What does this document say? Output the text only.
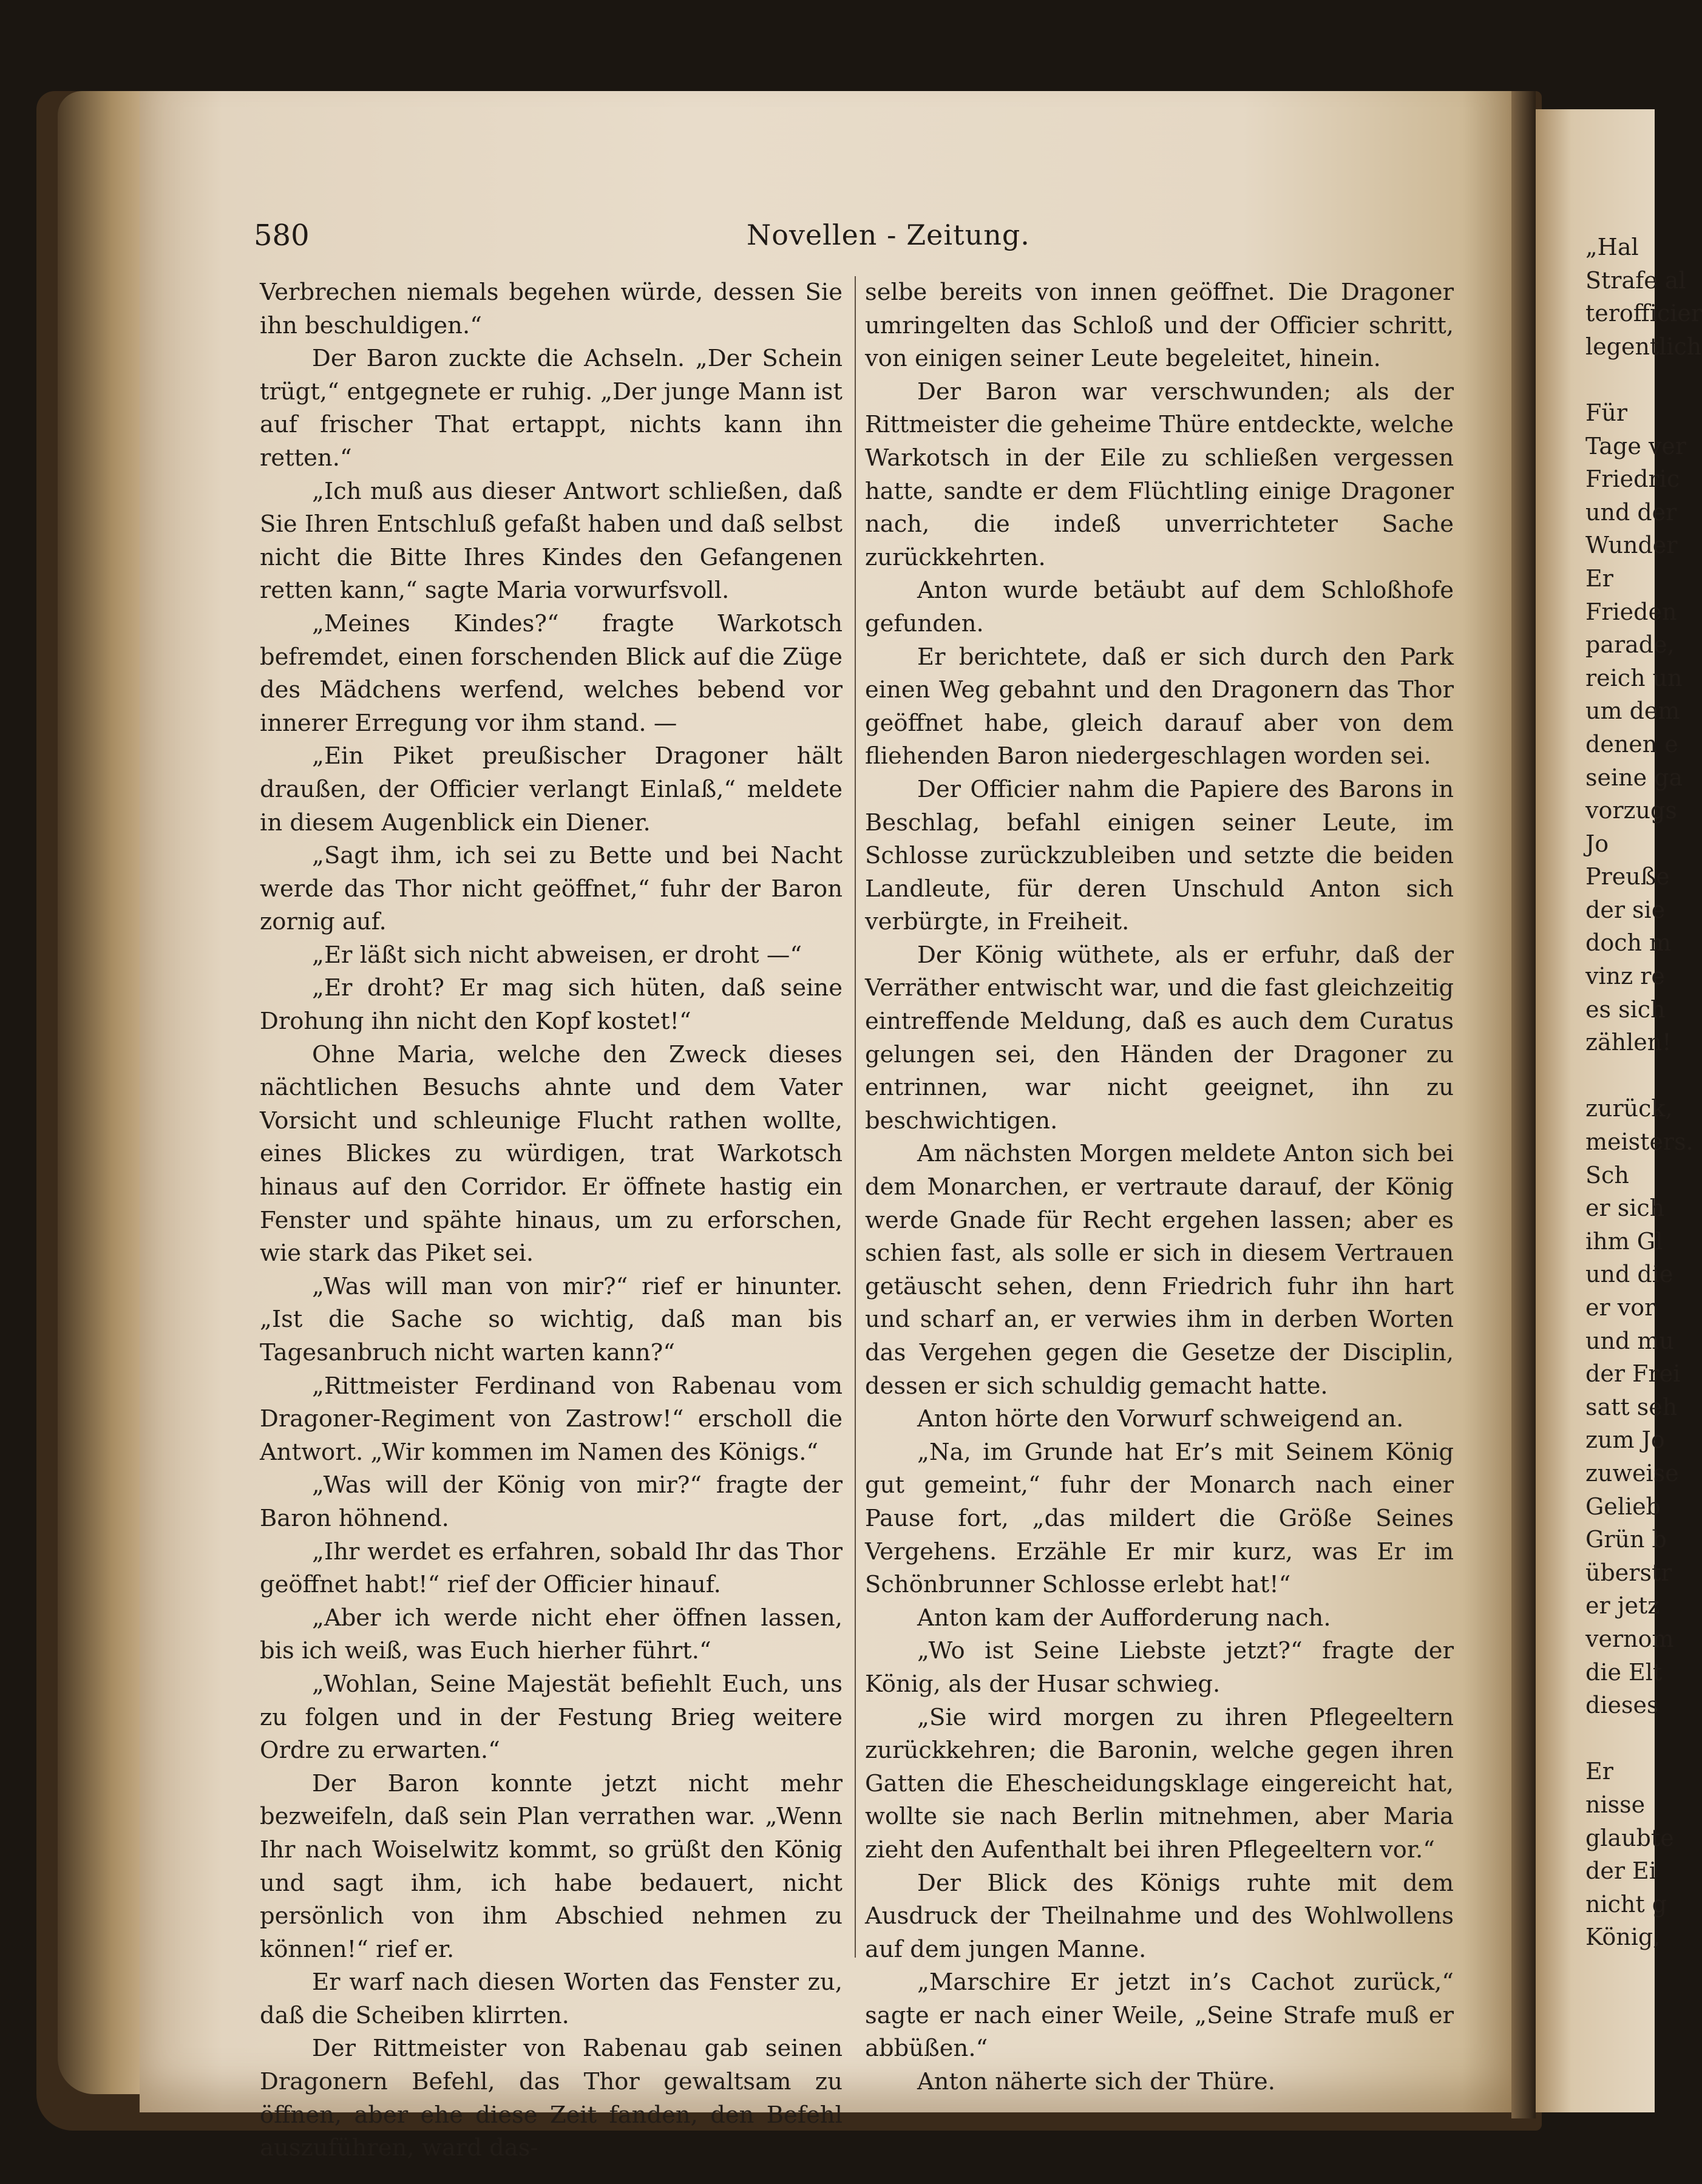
580	Novellen - Zeitung.

Verbrechen niemals begehen würde, dessen Sie ihn beschuldigen.“

Der Baron zuckte die Achseln. „Der Schein trügt,“ entgegnete er ruhig. „Der junge Mann ist auf frischer That ertappt, nichts kann ihn retten.“

„Ich muß aus dieser Antwort schließen, daß Sie Ihren Entschluß gefaßt haben und daß selbst nicht die Bitte Ihres Kindes den Gefangenen retten kann,“ sagte Maria vorwurfsvoll.

„Meines Kindes?“ fragte Warkotsch befremdet, einen forschenden Blick auf die Züge des Mädchens werfend, welches bebend vor innerer Erregung vor ihm stand. —

„Ein Piket preußischer Dragoner hält draußen, der Officier verlangt Einlaß,“ meldete in diesem Augenblick ein Diener.

„Sagt ihm, ich sei zu Bette und bei Nacht werde das Thor nicht geöffnet,“ fuhr der Baron zornig auf.

„Er läßt sich nicht abweisen, er droht —“

„Er droht? Er mag sich hüten, daß seine Drohung ihn nicht den Kopf kostet!“

Ohne Maria, welche den Zweck dieses nächtlichen Besuchs ahnte und dem Vater Vorsicht und schleunige Flucht rathen wollte, eines Blickes zu würdigen, trat Warkotsch hinaus auf den Corridor. Er öffnete hastig ein Fenster und spähte hinaus, um zu erforschen, wie stark das Piket sei.

„Was will man von mir?“ rief er hinunter. „Ist die Sache so wichtig, daß man bis Tagesanbruch nicht warten kann?“

„Rittmeister Ferdinand von Rabenau vom Dragoner-Regiment von Zastrow!“ erscholl die Antwort. „Wir kommen im Namen des Königs.“

„Was will der König von mir?“ fragte der Baron höhnend.

„Ihr werdet es erfahren, sobald Ihr das Thor geöffnet habt!“ rief der Officier hinauf.

„Aber ich werde nicht eher öffnen lassen, bis ich weiß, was Euch hierher führt.“

„Wohlan, Seine Majestät befiehlt Euch, uns zu folgen und in der Festung Brieg weitere Ordre zu erwarten.“

Der Baron konnte jetzt nicht mehr bezweifeln, daß sein Plan verrathen war. „Wenn Ihr nach Woiselwitz kommt, so grüßt den König und sagt ihm, ich habe bedauert, nicht persönlich von ihm Abschied nehmen zu können!“ rief er.

Er warf nach diesen Worten das Fenster zu, daß die Scheiben klirrten.

Der Rittmeister von Rabenau gab seinen Dragonern Befehl, das Thor gewaltsam zu öffnen, aber ehe diese Zeit fanden, den Befehl auszuführen, ward das-

selbe bereits von innen geöffnet. Die Dragoner umringelten das Schloß und der Officier schritt, von einigen seiner Leute begeleitet, hinein.

Der Baron war verschwunden; als der Rittmeister die geheime Thüre entdeckte, welche Warkotsch in der Eile zu schließen vergessen hatte, sandte er dem Flüchtling einige Dragoner nach, die indeß unverrichteter Sache zurückkehrten.

Anton wurde betäubt auf dem Schloßhofe gefunden.

Er berichtete, daß er sich durch den Park einen Weg gebahnt und den Dragonern das Thor geöffnet habe, gleich darauf aber von dem fliehenden Baron niedergeschlagen worden sei.

Der Officier nahm die Papiere des Barons in Beschlag, befahl einigen seiner Leute, im Schlosse zurückzubleiben und setzte die beiden Landleute, für deren Unschuld Anton sich verbürgte, in Freiheit.

Der König wüthete, als er erfuhr, daß der Verräther entwischt war, und die fast gleichzeitig eintreffende Meldung, daß es auch dem Curatus gelungen sei, den Händen der Dragoner zu entrinnen, war nicht geeignet, ihn zu beschwichtigen.

Am nächsten Morgen meldete Anton sich bei dem Monarchen, er vertraute darauf, der König werde Gnade für Recht ergehen lassen; aber es schien fast, als solle er sich in diesem Vertrauen getäuscht sehen, denn Friedrich fuhr ihn hart und scharf an, er verwies ihm in derben Worten das Vergehen gegen die Gesetze der Disciplin, dessen er sich schuldig gemacht hatte.

Anton hörte den Vorwurf schweigend an.

„Na, im Grunde hat Er’s mit Seinem König gut gemeint,“ fuhr der Monarch nach einer Pause fort, „das mildert die Größe Seines Vergehens. Erzähle Er mir kurz, was Er im Schönbrunner Schlosse erlebt hat!“

Anton kam der Aufforderung nach.

„Wo ist Seine Liebste jetzt?“ fragte der König, als der Husar schwieg.

„Sie wird morgen zu ihren Pflegeeltern zurückkehren; die Baronin, welche gegen ihren Gatten die Ehescheidungsklage eingereicht hat, wollte sie nach Berlin mitnehmen, aber Maria zieht den Aufenthalt bei ihren Pflegeeltern vor.“

Der Blick des Königs ruhte mit dem Ausdruck der Theilnahme und des Wohlwollens auf dem jungen Manne.

„Marschire Er jetzt in’s Cachot zurück,“ sagte er nach einer Weile, „Seine Strafe muß er abbüßen.“

Anton näherte sich der Thüre.

„Hal
Strafe al
terofficier
legentlich
Für
Tage ver
Friedric
und der
Wunder
Er
Frieden
parade,
reich un
um dem
denen e
seine ga
vorzugs
Jo
Preuße
der sie
doch m
vinz re
es sich
zählen!
zurück,
meisters.
Sch
er sich
ihm Gl
und die
er vor
und mu
der Frei
satt seh
zum Jo
zuweise
Gelieb
Grün b
überstr
er jetz
vernom
die Elt
dieses
Er
nisse
glaubte
der Ei
nicht g
König,
